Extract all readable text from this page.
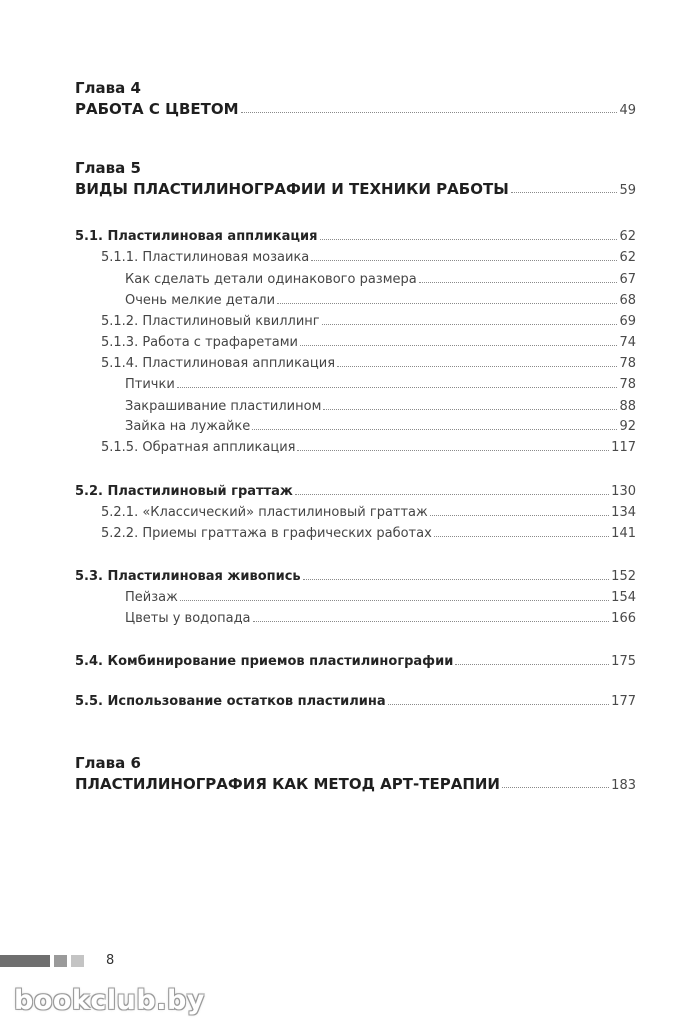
Глава 4
РАБОТА С ЦВЕТОМ	49
Глава 5
ВИДЫ ПЛАСТИЛИНОГРАФИИ И ТЕХНИКИ РАБОТЫ	59
5.1. Пластилиновая аппликация	62
5.1.1. Пластилиновая мозаика	62
Как сделать детали одинакового размера	67
Очень мелкие детали	68
5.1.2. Пластилиновый квиллинг	69
5.1.3. Работа с трафаретами	74
5.1.4. Пластилиновая аппликация	78
Птички	78
Закрашивание пластилином	88
Зайка на лужайке	92
5.1.5. Обратная аппликация	117
5.2. Пластилиновый граттаж	130
5.2.1. «Классический» пластилиновый граттаж	134
5.2.2. Приемы граттажа в графических работах	141
5.3. Пластилиновая живопись	152
Пейзаж	154
Цветы у водопада	166
5.4. Комбинирование приемов пластилинографии	175
5.5. Использование остатков пластилина	177
Глава 6
ПЛАСТИЛИНОГРАФИЯ КАК МЕТОД АРТ-ТЕРАПИИ	183
8
bookclub.by
